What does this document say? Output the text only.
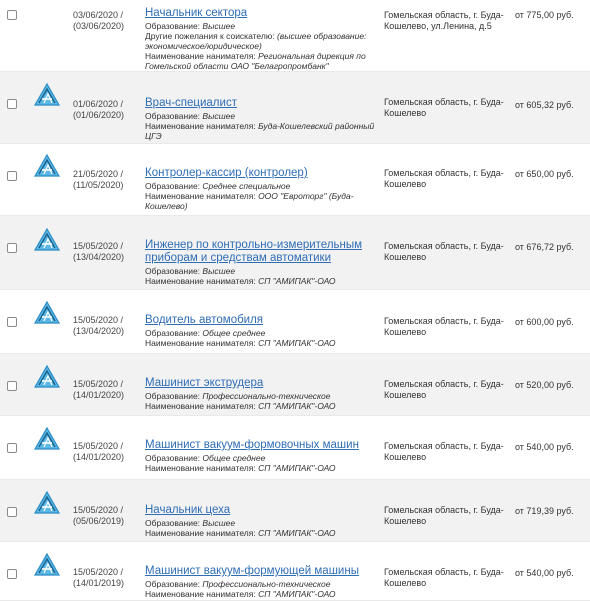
03/06/2020 /
(03/06/2020)
Начальник сектора
Образование: Высшее
Другие пожелания к соискателю: (высшее образование: экономическое/юридическое)
Наименование нанимателя: Региональная дирекция по Гомельской области ОАО "Белагропромбанк"
Гомельская область, г. Буда-Кошелево, ул.Ленина, д.5
от 775,00 руб.
01/06/2020 /
(01/06/2020)
Врач-специалист
Образование: Высшее
Наименование нанимателя: Буда-Кошелевский районный ЦГЭ
Гомельская область, г. Буда-Кошелево
от 605,32 руб.
21/05/2020 /
(11/05/2020)
Контролер-кассир (контролер)
Образование: Среднее специальное
Наименование нанимателя: ООО "Евроторг" (Буда-Кошелево)
Гомельская область, г. Буда-Кошелево
от 650,00 руб.
15/05/2020 /
(13/04/2020)
Инженер по контрольно-измерительным приборам и средствам автоматики
Образование: Высшее
Наименование нанимателя: СП "АМИПАК"-ОАО
Гомельская область, г. Буда-Кошелево
от 676,72 руб.
15/05/2020 /
(13/04/2020)
Водитель автомобиля
Образование: Общее среднее
Наименование нанимателя: СП "АМИПАК"-ОАО
Гомельская область, г. Буда-Кошелево
от 600,00 руб.
15/05/2020 /
(14/01/2020)
Машинист экструдера
Образование: Профессионально-техническое
Наименование нанимателя: СП "АМИПАК"-ОАО
Гомельская область, г. Буда-Кошелево
от 520,00 руб.
15/05/2020 /
(14/01/2020)
Машинист вакуум-формовочных машин
Образование: Общее среднее
Наименование нанимателя: СП "АМИПАК"-ОАО
Гомельская область, г. Буда-Кошелево
от 540,00 руб.
15/05/2020 /
(05/06/2019)
Начальник цеха
Образование: Высшее
Наименование нанимателя: СП "АМИПАК"-ОАО
Гомельская область, г. Буда-Кошелево
от 719,39 руб.
15/05/2020 /
(14/01/2019)
Машинист вакуум-формующей машины
Образование: Профессионально-техническое
Наименование нанимателя: СП "АМИПАК"-ОАО
Гомельская область, г. Буда-Кошелево
от 540,00 руб.
